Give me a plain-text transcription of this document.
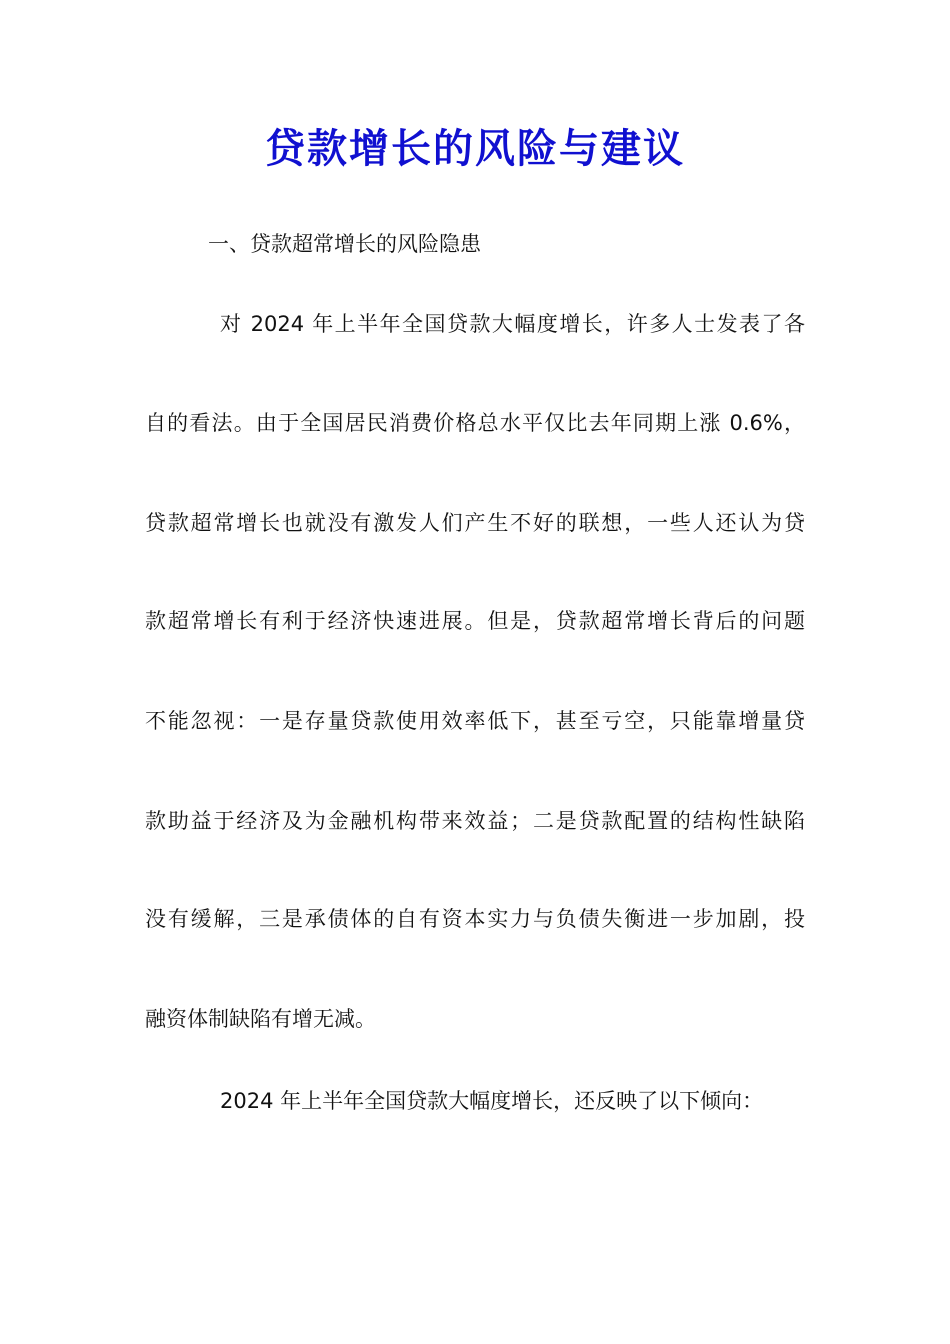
贷款增长的风险与建议
一、贷款超常增长的风险隐患
对 2024 年上半年全国贷款大幅度增长，许多人士发表了各
自的看法。由于全国居民消费价格总水平仅比去年同期上涨 0.6%，
贷款超常增长也就没有激发人们产生不好的联想，一些人还认为贷
款超常增长有利于经济快速进展。但是，贷款超常增长背后的问题
不能忽视：一是存量贷款使用效率低下，甚至亏空，只能靠增量贷
款助益于经济及为金融机构带来效益；二是贷款配置的结构性缺陷
没有缓解，三是承债体的自有资本实力与负债失衡进一步加剧，投
融资体制缺陷有增无减。
2024 年上半年全国贷款大幅度增长，还反映了以下倾向：
